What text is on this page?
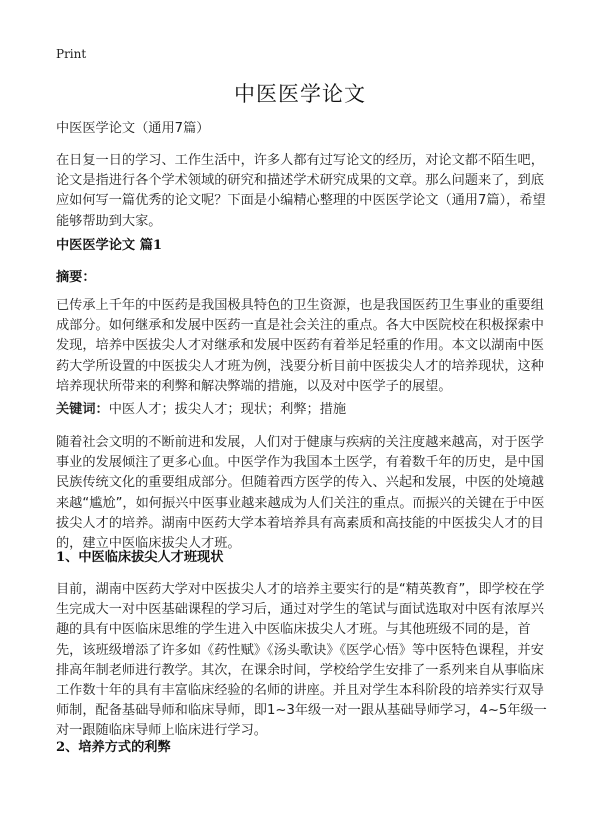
Print
中医医学论文
中医医学论文（通用7篇）
在日复一日的学习、工作生活中，许多人都有过写论文的经历，对论文都不陌生吧，论文是指进行各个学术领域的研究和描述学术研究成果的文章。那么问题来了，到底应如何写一篇优秀的论文呢？下面是小编精心整理的中医医学论文（通用7篇），希望能够帮助到大家。
中医医学论文 篇1
摘要：
已传承上千年的中医药是我国极具特色的卫生资源，也是我国医药卫生事业的重要组成部分。如何继承和发展中医药一直是社会关注的重点。各大中医院校在积极探索中发现，培养中医拔尖人才对继承和发展中医药有着举足轻重的作用。本文以湖南中医药大学所设置的中医拔尖人才班为例，浅要分析目前中医拔尖人才的培养现状，这种培养现状所带来的利弊和解决弊端的措施，以及对中医学子的展望。
关键词：中医人才；拔尖人才；现状；利弊；措施
随着社会文明的不断前进和发展，人们对于健康与疾病的关注度越来越高，对于医学事业的发展倾注了更多心血。中医学作为我国本土医学，有着数千年的历史，是中国民族传统文化的重要组成部分。但随着西方医学的传入、兴起和发展，中医的处境越来越“尴尬”，如何振兴中医事业越来越成为人们关注的重点。而振兴的关键在于中医拔尖人才的培养。湖南中医药大学本着培养具有高素质和高技能的中医拔尖人才的目的，建立中医临床拔尖人才班。
1、中医临床拔尖人才班现状
目前，湖南中医药大学对中医拔尖人才的培养主要实行的是“精英教育”，即学校在学生完成大一对中医基础课程的学习后，通过对学生的笔试与面试选取对中医有浓厚兴趣的具有中医临床思维的学生进入中医临床拔尖人才班。与其他班级不同的是，首先，该班级增添了许多如《药性赋》《汤头歌诀》《医学心悟》等中医特色课程，并安排高年制老师进行教学。其次，在课余时间，学校给学生安排了一系列来自从事临床工作数十年的具有丰富临床经验的名师的讲座。并且对学生本科阶段的培养实行双导师制，配备基础导师和临床导师，即1~3年级一对一跟从基础导师学习，4~5年级一对一跟随临床导师上临床进行学习。
2、培养方式的利弊
